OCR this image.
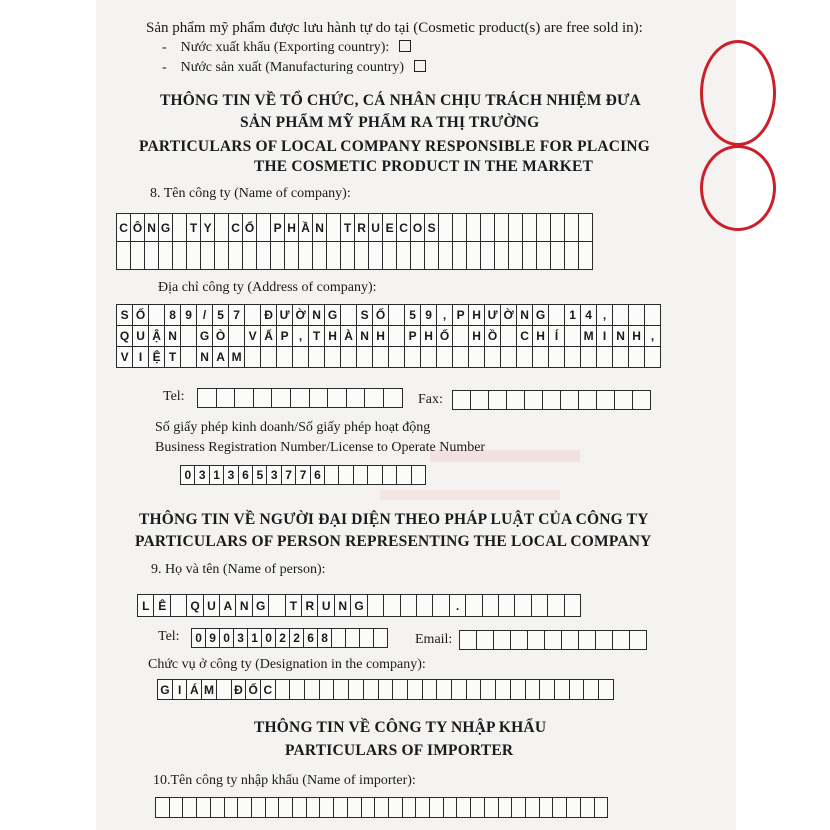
Sản phẩm mỹ phẩm được lưu hành tự do tại (Cosmetic product(s) are free sold in):
- Nước xuất khẩu (Exporting country):
- Nước sản xuất (Manufacturing country)
THÔNG TIN VỀ TỔ CHỨC, CÁ NHÂN CHỊU TRÁCH NHIỆM ĐƯA
SẢN PHẨM MỸ PHẨM RA THỊ TRƯỜNG
PARTICULARS OF LOCAL COMPANY RESPONSIBLE FOR PLACING
THE COSMETIC PRODUCT IN THE MARKET
8. Tên công ty (Name of company):
C Ô N G	T Y C Ổ P H Ầ N	T R U E C O S
Địa chỉ công ty (Address of company):
S Ố	8 9 / 5 7	Đ Ư Ờ N G	S Ố	5 9 , P H Ư Ờ N G	1 4 ,
Q U Ậ N	G Ò	V Ấ P , T H À N H	P H Ố	H Ồ	C H Í	M I N H ,
V I Ệ T	N A M
Tel:	Fax:
Số giấy phép kinh doanh/Số giấy phép hoạt động
Business Registration Number/License to Operate Number
0 3 1 3 6 5 3 7 7 6
THÔNG TIN VỀ NGƯỜI ĐẠI DIỆN THEO PHÁP LUẬT CỦA CÔNG TY
PARTICULARS OF PERSON REPRESENTING THE LOCAL COMPANY
9. Họ và tên (Name of person):
L Ê	Q U A N G	T R U N G	.
Tel:	0 9 0 3 1 0 2 2 6 8	Email:
Chức vụ ở công ty (Designation in the company):
G I Á M	Đ Ố C
THÔNG TIN VỀ CÔNG TY NHẬP KHẨU
PARTICULARS OF IMPORTER
10.Tên công ty nhập khẩu (Name of importer):
